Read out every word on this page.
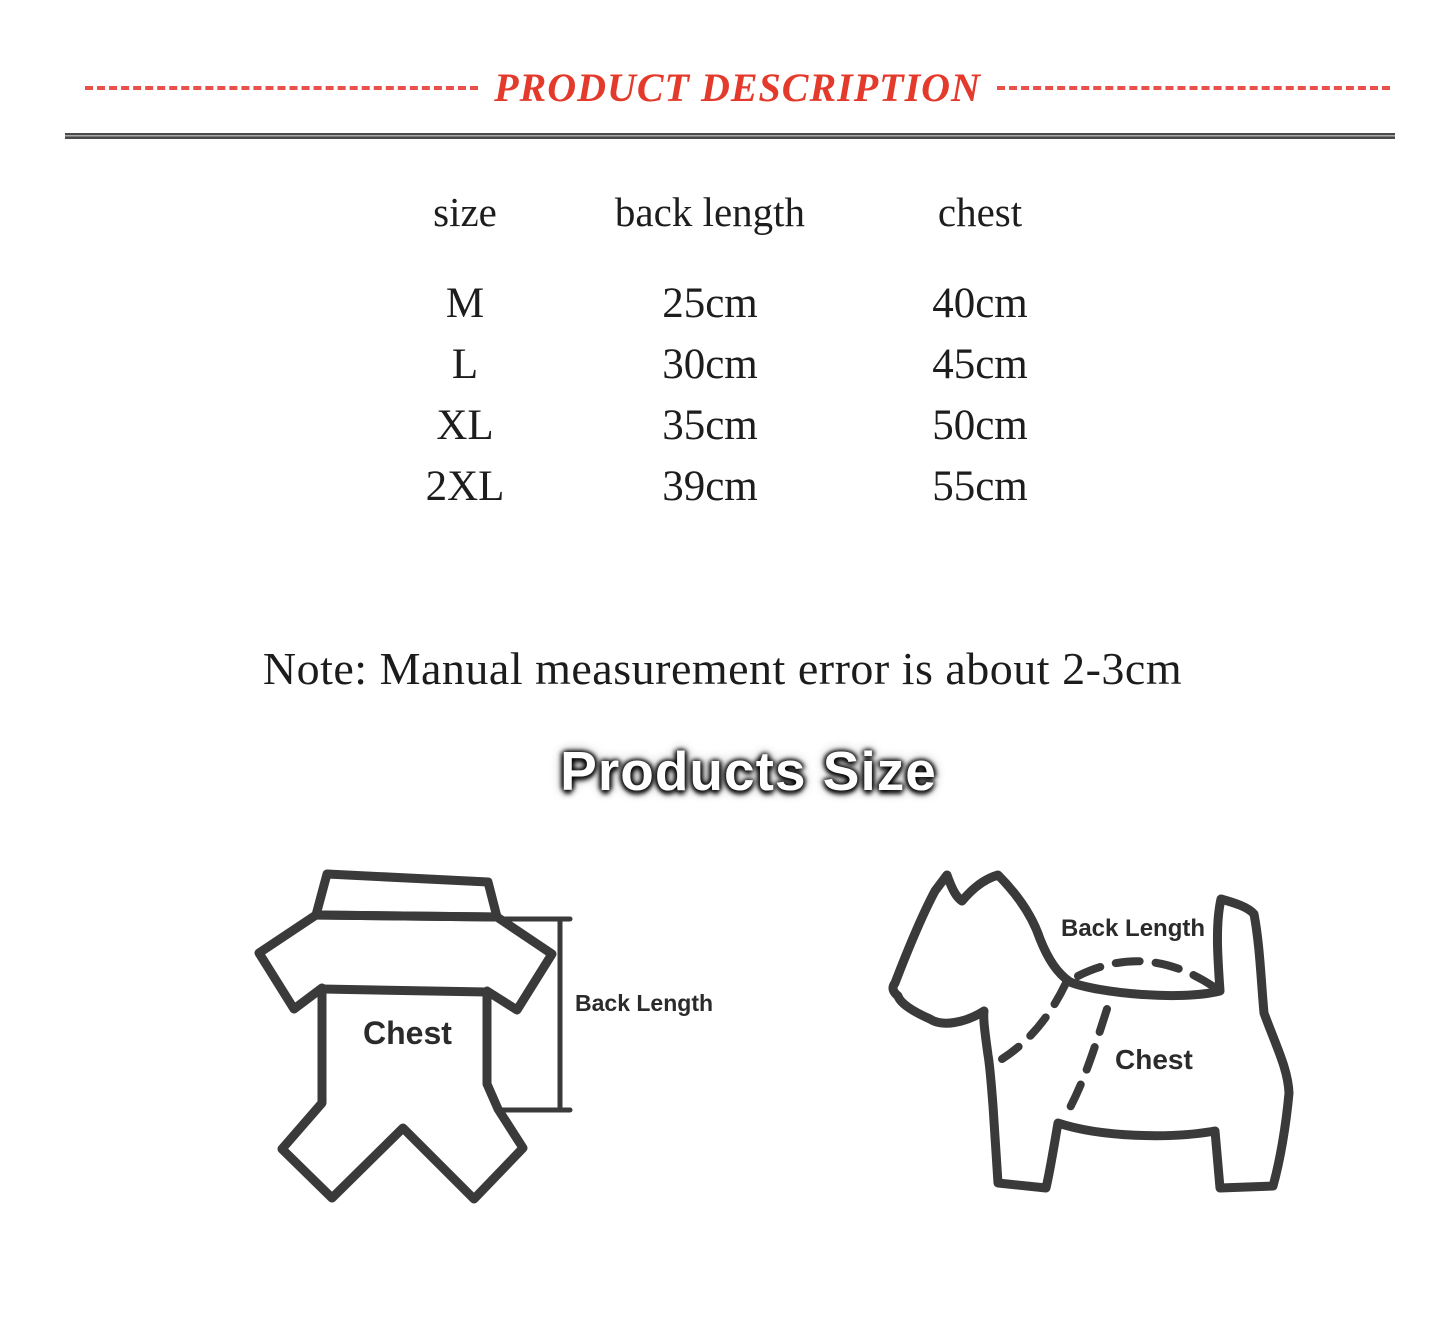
PRODUCT DESCRIPTION
size	back length	chest
M	25cm	40cm
L	30cm	45cm
XL	35cm	50cm
2XL	39cm	55cm
Note: Manual measurement error is about 2-3cm
Products Size
Chest
Back Length
Back Length
Chest
